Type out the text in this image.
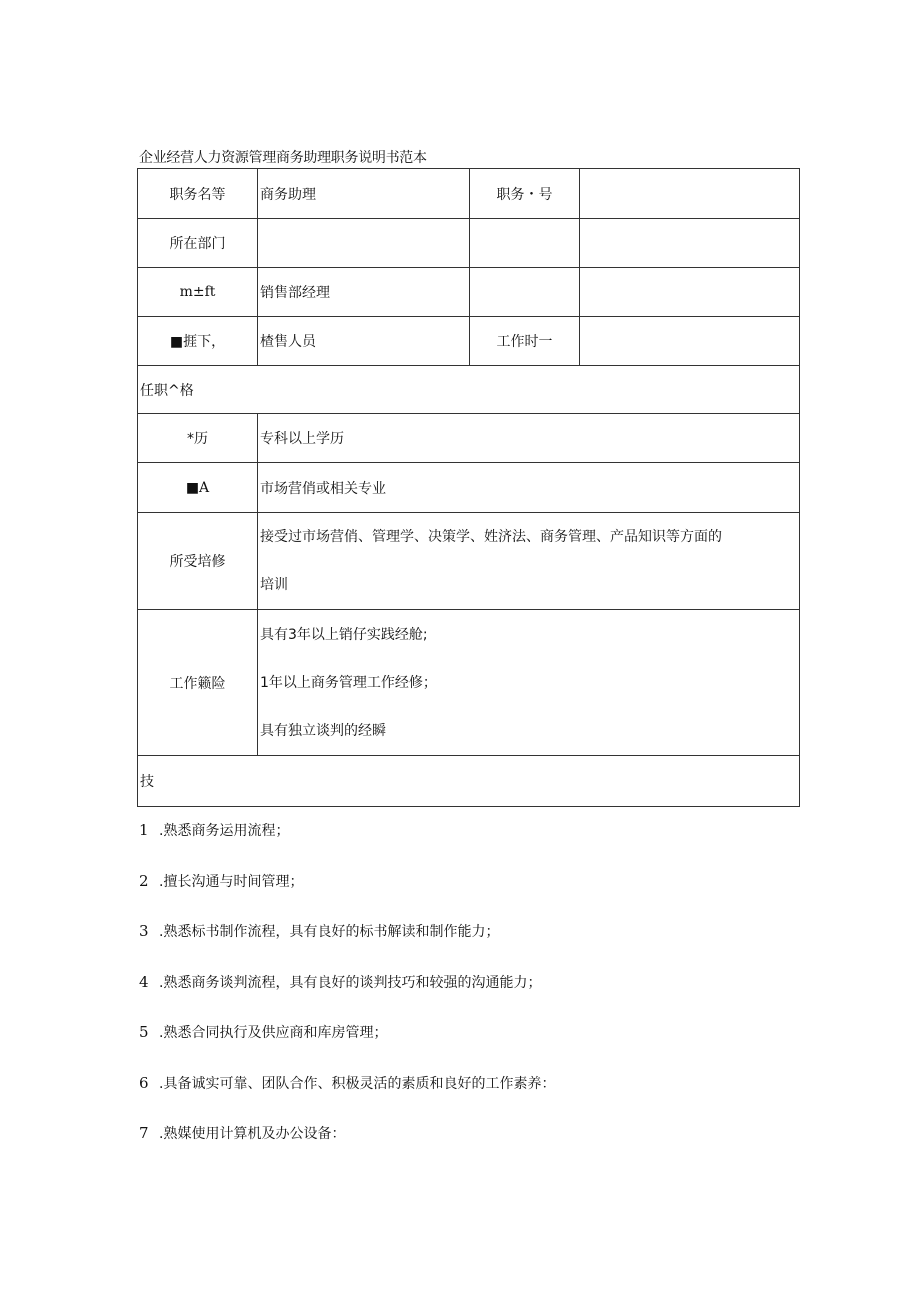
企业经营人力资源管理商务助理职务说明书范本
职务名等	商务助理	职务・号	
所在部门			
m±ft	销售部经理		
■捱下，	楂售人员	工作时一	
任职^格			
*历	专科以上学历		
■A	市场营俏或相关专业		
所受培修	接受过市场营俏、管理学、决策学、姓济法、商务管理、产品知识等方面的
培训		

工作籁险	具有3年以上销仔实践经舱;
1年以上商务管理工作经修；
具有独立谈判的经瞬		

技			
1 .熟悉商务运用流程；
2 .擅长沟通与时间管理；
3 .熟悉标书制作流程，具有良好的标书解读和制作能力；
4 .熟悉商务谈判流程，具有良好的谈判技巧和较强的沟通能力；
5 .熟悉合同执行及供应商和库房管理；
6 .具备诚实可靠、团队合作、积极灵活的素质和良好的工作素养：
7 .熟媒使用计算机及办公设备：
